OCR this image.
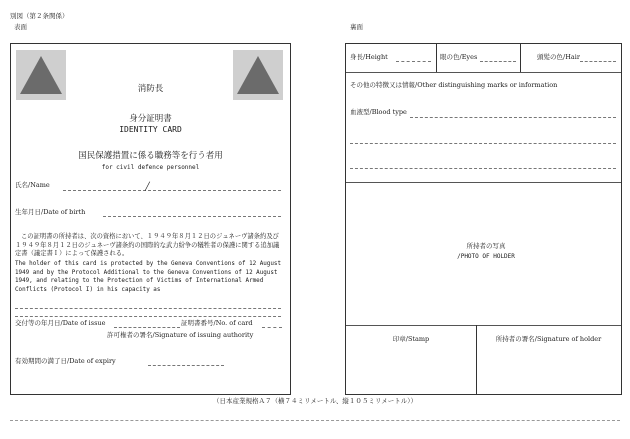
別図（第２条関係）
表面	裏面
消防長
身分証明書
IDENTITY CARD
国民保護措置に係る職務等を行う者用
for civil defence personnel
氏名/Name	╱
生年月日/Date of birth
この証明書の所持者は、次の資格において、１９４９年８月１２日のジュネーヴ諸条約及び１９４９年８月１２日のジュネーヴ諸条約の国際的な武力紛争の犠牲者の保護に関する追加議定書（議定書Ｉ）によって保護される。
The holder of this card is protected by the Geneva Conventions of 12 August 1949 and by the Protocol Additional to the Geneva Conventions of 12 August 1949, and relating to the Protection of Victims of International Armed Conflicts (Protocol I) in his capacity as
交付等の年月日/Date of issue	証明書番号/No. of card
許可権者の署名/Signature of issuing authority
有効期間の満了日/Date of expiry
身長/Height	眼の色/Eyes	頭髪の色/Hair
その他の特徴又は情報/Other distinguishing marks or information
血液型/Blood type
所持者の写真
/PHOTO OF HOLDER
印章/Stamp	所持者の署名/Signature of holder
（日本産業規格Ａ７（横７４ミリメートル、縦１０５ミリメートル））
